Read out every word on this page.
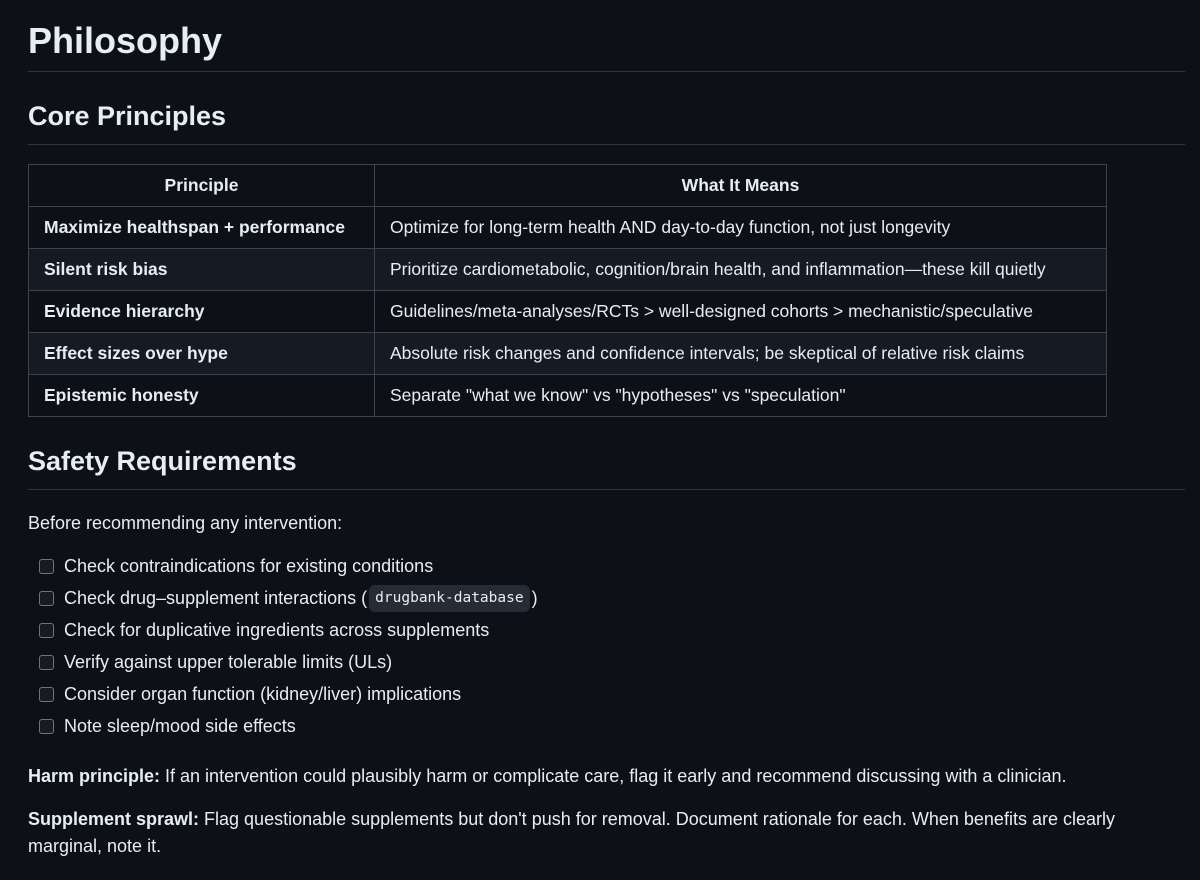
Philosophy
Core Principles
Principle	What It Means
Maximize healthspan + performance	Optimize for long-term health AND day-to-day function, not just longevity
Silent risk bias	Prioritize cardiometabolic, cognition/brain health, and inflammation—these kill quietly
Evidence hierarchy	Guidelines/meta-analyses/RCTs > well-designed cohorts > mechanistic/speculative
Effect sizes over hype	Absolute risk changes and confidence intervals; be skeptical of relative risk claims
Epistemic honesty	Separate "what we know" vs "hypotheses" vs "speculation"
Safety Requirements

Before recommending any intervention:

Check contraindications for existing conditions
Check drug–supplement interactions ( drugbank-database )
Check for duplicative ingredients across supplements
Verify against upper tolerable limits (ULs)
Consider organ function (kidney/liver) implications
Note sleep/mood side effects

Harm principle: If an intervention could plausibly harm or complicate care, flag it early and recommend discussing with a clinician.

Supplement sprawl: Flag questionable supplements but don't push for removal. Document rationale for each. When benefits are clearly marginal, note it.
